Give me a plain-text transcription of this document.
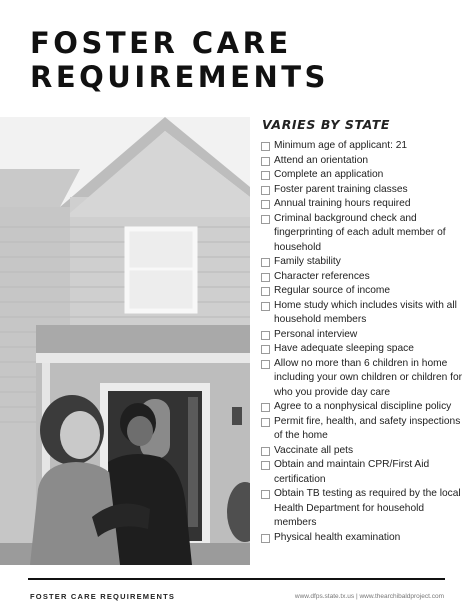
FOSTER CARE
REQUIREMENTS
VARIES BY STATE
Minimum age of applicant: 21
Attend an orientation
Complete an application
Foster parent training classes
Annual training hours required
Criminal background check and fingerprinting of each adult member of household
Family stability
Character references
Regular source of income
Home study which includes visits with all household members
Personal interview
Have adequate sleeping space
Allow no more than 6 children in home including your own children or children for who you provide day care
Agree to a nonphysical discipline policy
Permit fire, health, and safety inspections of the home
Vaccinate all pets
Obtain and maintain CPR/First Aid certification
Obtain TB testing as required by the local Health Department for household members
Physical health examination
FOSTER CARE REQUIREMENTS	www.dfps.state.tx.us | www.thearchibaldproject.com
